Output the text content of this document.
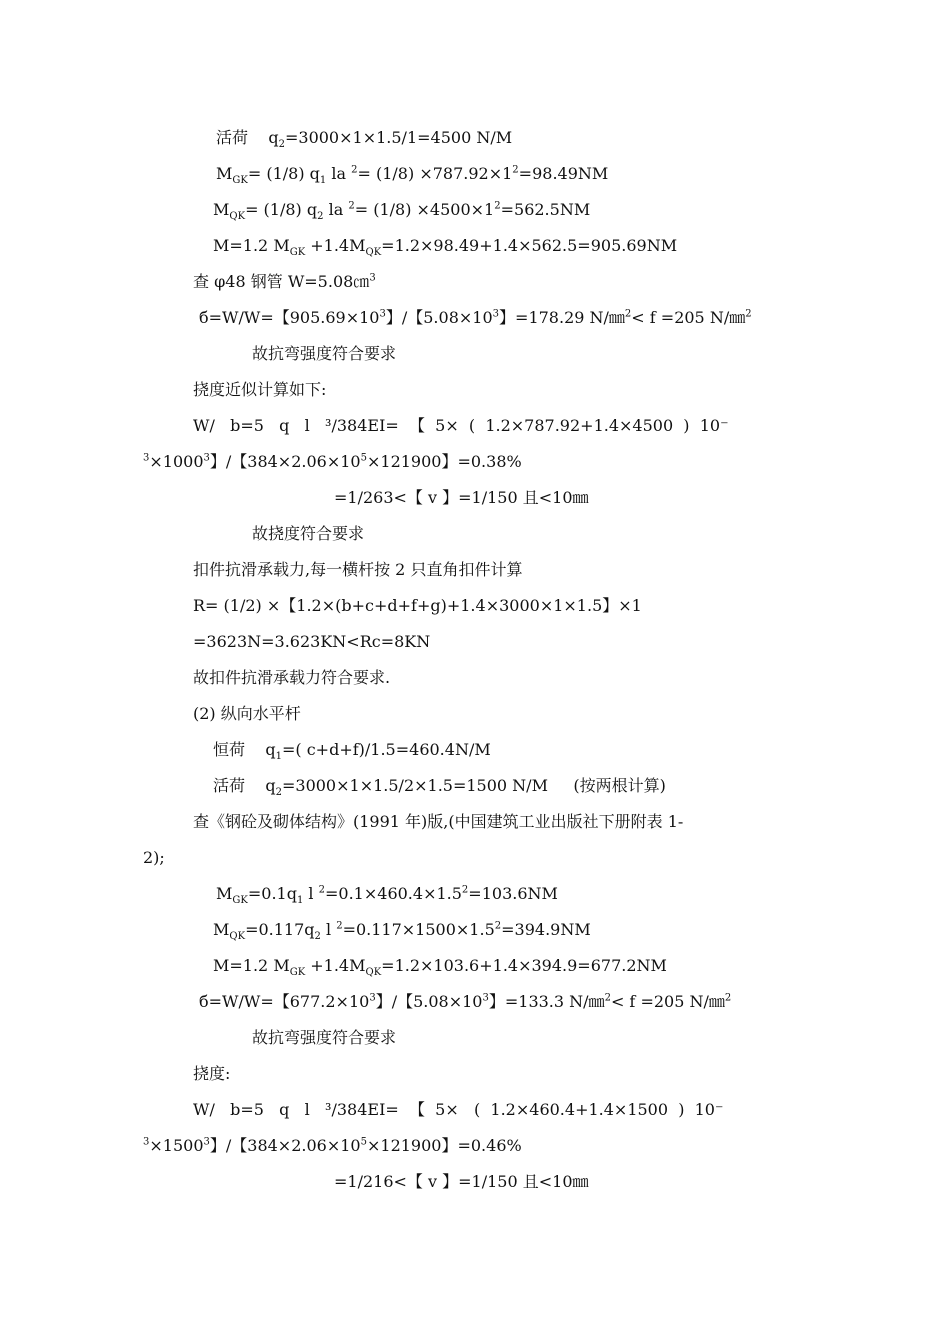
活荷    $q_2=3000\times 1\times 1.5/1=4500$ N/M
$M_{GK}= (1/8)$ $q_1$ la $^2= (1/8) \times 787.92\times 1^2=98.49NM$
$M_{QK}= (1/8)$ $q_2$ la $^2= (1/8) \times 4500\times 1^2=562.5NM$
M=1.2 $M_{GK} +1.4M_{QK}=1.2\times 98.49+1.4\times 562.5=905.69NM$
查 φ48 钢管 W=5.08㎝$^3$
б=W/W=【$905.69\times 10^3$】/【$5.08\times 10^3$】=178.29 N/㎜$^2$< f =205 N/㎜$^2$
故抗弯强度符合要求
挠度近似计算如下:
W/   b=5   q   l   ³/384EI=  【  5×  (  1.2×787.92+1.4×4500  )  10⁻
$^3\times 1000^3$】/【$384\times 2.06\times 10^5\times 121900$】=0.38%
=1/263<【 v 】=1/150 且<10㎜
故挠度符合要求
扣件抗滑承载力,每一横杆按 2 只直角扣件计算
R= (1/2) ×【1.2×(b+c+d+f+g)+1.4×3000×1×1.5】×1
=3623N=3.623KN<Rc=8KN
故扣件抗滑承载力符合要求.
(2) 纵向水平杆
恒荷    $q_1=$( c+d+f)/1.5=460.4N/M
活荷    $q_2=3000\times 1\times 1.5/2\times 1.5=1500$ N/M     (按两根计算)
查《钢砼及砌体结构》(1991 年)版,(中国建筑工业出版社下册附表 1-
2);
$M_{GK}=0.1q_1$ l $^2=0.1\times 460.4\times 1.5^2=103.6NM$
$M_{QK}=0.117q_2$ l $^2=0.117\times 1500\times 1.5^2=394.9NM$
M=1.2 $M_{GK} +1.4M_{QK}=1.2\times 103.6+1.4\times 394.9=677.2NM$
б=W/W=【$677.2\times 10^3$】/【$5.08\times 10^3$】=133.3 N/㎜$^2$< f =205 N/㎜$^2$
故抗弯强度符合要求
挠度:
W/   b=5   q   l   ³/384EI=  【  5×   (  1.2×460.4+1.4×1500  )  10⁻
$^3\times 1500^3$】/【$384\times 2.06\times 10^5\times 121900$】=0.46%
=1/216<【 v 】=1/150 且<10㎜
